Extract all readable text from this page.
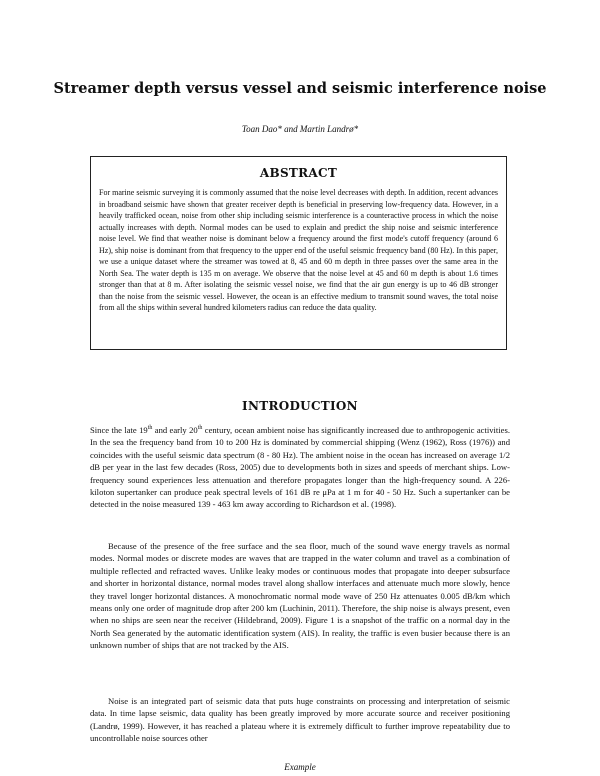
Streamer depth versus vessel and seismic interference noise
Toan Dao* and Martin Landrø*
ABSTRACT
For marine seismic surveying it is commonly assumed that the noise level decreases with depth. In addition, recent advances in broadband seismic have shown that greater receiver depth is beneficial in preserving low-frequency data. However, in a heavily trafficked ocean, noise from other ship including seismic interference is a counteractive process in which the noise actually increases with depth. Normal modes can be used to explain and predict the ship noise and seismic interference noise level. We find that weather noise is dominant below a frequency around the first mode's cutoff frequency (around 6 Hz), ship noise is dominant from that frequency to the upper end of the useful seismic frequency band (80 Hz). In this paper, we use a unique dataset where the streamer was towed at 8, 45 and 60 m depth in three passes over the same area in the North Sea. The water depth is 135 m on average. We observe that the noise level at 45 and 60 m depth is about 1.6 times stronger than that at 8 m. After isolating the seismic vessel noise, we find that the air gun energy is up to 46 dB stronger than the noise from the seismic vessel. However, the ocean is an effective medium to transmit sound waves, the total noise from all the ships within several hundred kilometers radius can reduce the data quality.
INTRODUCTION

Since the late 19th and early 20th century, ocean ambient noise has significantly increased due to anthropogenic activities. In the sea the frequency band from 10 to 200 Hz is dominated by commercial shipping (Wenz (1962), Ross (1976)) and coincides with the useful seismic data spectrum (8 - 80 Hz). The ambient noise in the ocean has increased on average 1/2 dB per year in the last few decades (Ross, 2005) due to developments both in sizes and speeds of merchant ships. Low-frequency sound experiences less attenuation and therefore propagates longer than the high-frequency sound. A 226-kiloton supertanker can produce peak spectral levels of 161 dB re μPa at 1 m for 40 - 50 Hz. Such a supertanker can be detected in the noise measured 139 - 463 km away according to Richardson et al. (1998).

Because of the presence of the free surface and the sea floor, much of the sound wave energy travels as normal modes. Normal modes or discrete modes are waves that are trapped in the water column and travel as a combination of multiple reflected and refracted waves. Unlike leaky modes or continuous modes that propagate into deeper subsurface and shorter in horizontal distance, normal modes travel along shallow interfaces and attenuate much more slowly, hence they travel longer horizontal distances. A monochromatic normal mode wave of 250 Hz attenuates 0.005 dB/km which means only one order of magnitude drop after 200 km (Luchinin, 2011). Therefore, the ship noise is always present, even when no ships are seen near the receiver (Hildebrand, 2009). Figure 1 is a snapshot of the traffic on a normal day in the North Sea generated by the automatic identification system (AIS). In reality, the traffic is even busier because there is an unknown number of ships that are not tracked by the AIS.

Noise is an integrated part of seismic data that puts huge constraints on processing and interpretation of seismic data. In time lapse seismic, data quality has been greatly improved by more accurate source and receiver positioning (Landrø, 1999). However, it has reached a plateau where it is extremely difficult to further improve repeatability due to uncontrollable noise sources other

Example
